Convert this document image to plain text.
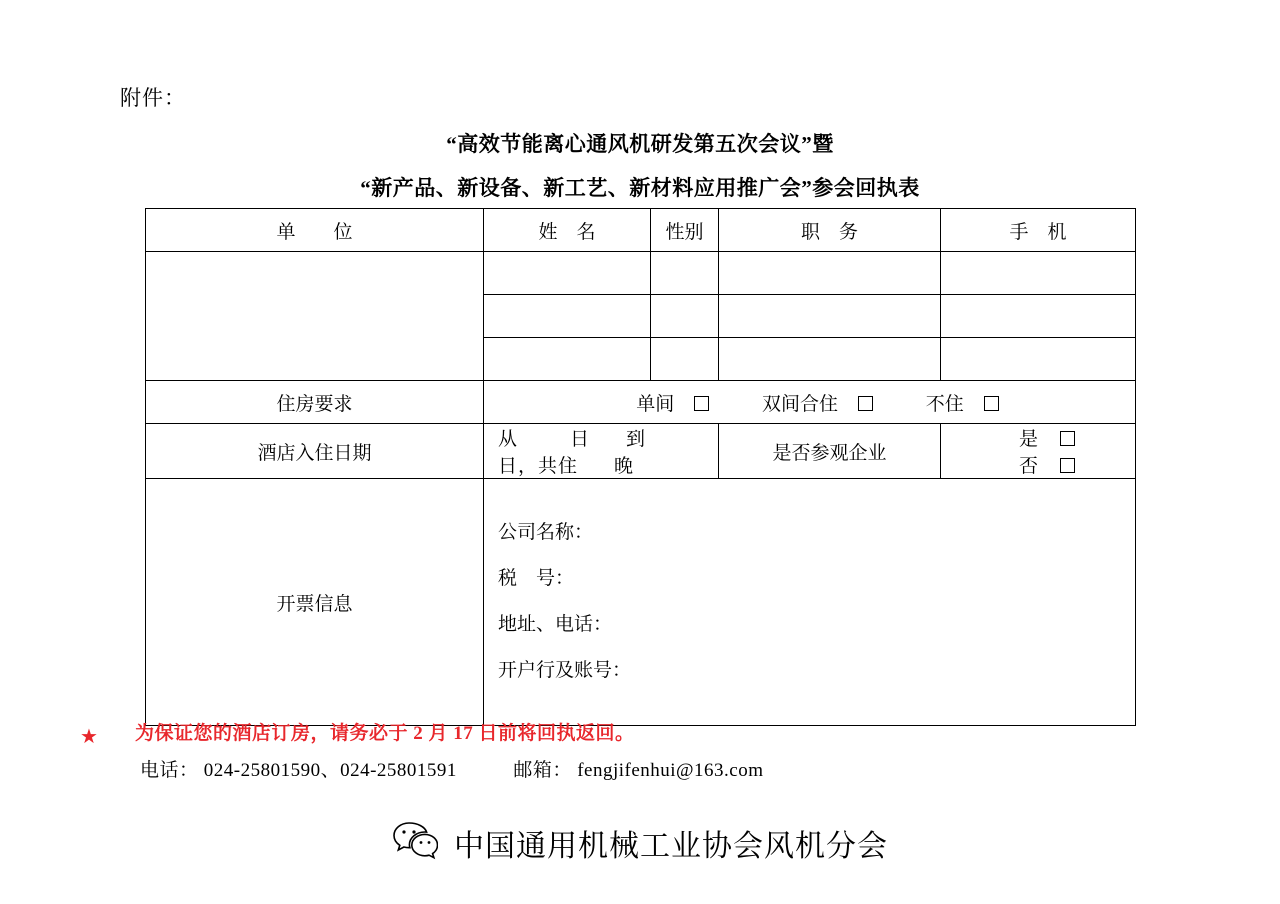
附件：
“高效节能离心通风机研发第五次会议”暨
“新产品、新设备、新工艺、新材料应用推广会”参会回执表
单　　位	姓　名	性别	职　务	手　机

住房要求	单间 双间合住 不住			
酒店入住日期	从 日 到日，共住 晚		是否参观企业	是 否
开票信息	公司名称：
税　号：
地址、电话：
开户行及账号：			
★ 为保证您的酒店订房，请务必于 2 月 17 日前将回执返回。
电话： 024-25801590、024-25801591	邮箱： fengjifenhui@163.com
中国通用机械工业协会风机分会
